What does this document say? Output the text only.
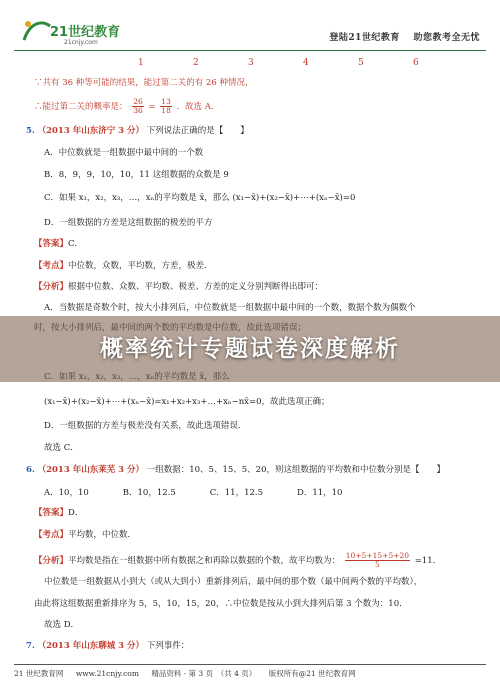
21世纪教育
21cnjy.com	登陆21世纪教育 助您教考全无忧
1	2	3	4	5	6
∵共有 36 种等可能的结果，能过第二关的有 26 种情况，
∴能过第二关的概率是： $\frac{26}{36} = \frac{13}{18}$ ．故选 A．
5. （2013 年山东济宁 3 分） 下列说法正确的是【　　】
A．中位数就是一组数据中最中间的一个数
B．8，9，9，10，10，11 这组数据的众数是 9
C．如果 x₁，x₂，x₃，…，xₙ的平均数是 x̄，那么 (x₁−x̄)+(x₂−x̄)+⋯+(xₙ−x̄)=0
D．一组数据的方差是这组数据的极差的平方
【答案】C．
【考点】中位数，众数，平均数，方差，极差．
【分析】根据中位数、众数、平均数、极差、方差的定义分别判断得出即可：
A．当数据是奇数个时，按大小排列后，中位数就是一组数据中最中间的一个数，数据个数为偶数个
(x₁−x̄)+(x₂−x̄)+⋯+(xₙ−x̄)=x₁+x₂+x₃+…+xₙ−nx̄=0，故此选项正确；
D．一组数据的方差与极差没有关系，故此选项错误．
故选 C．
6. （2013 年山东莱芜 3 分） 一组数据：10、5、15、5、20，则这组数据的平均数和中位数分别是【　　】
A．10，10　　　　B．10，12.5　　　　C．11，12.5　　　　D．11，10
【答案】D．
【考点】平均数，中位数．
【分析】平均数是指在一组数据中所有数据之和再除以数据的个数，故平均数为： $\frac{10+5+15+5+20}{5} =11$．
中位数是一组数据从小到大（或从大到小）重新排列后，最中间的那个数（最中间两个数的平均数），
由此将这组数据重新排序为 5，5，10，15，20，∴中位数是按从小到大排列后第 3 个数为：10．
故选 D．
7. （2013 年山东聊城 3 分） 下列事件：
21 世纪教育网 www.21cnjy.com 精品资料 · 第 3 页　（共 4 页） 版权所有@21 世纪教育网
概率统计专题试卷深度解析
